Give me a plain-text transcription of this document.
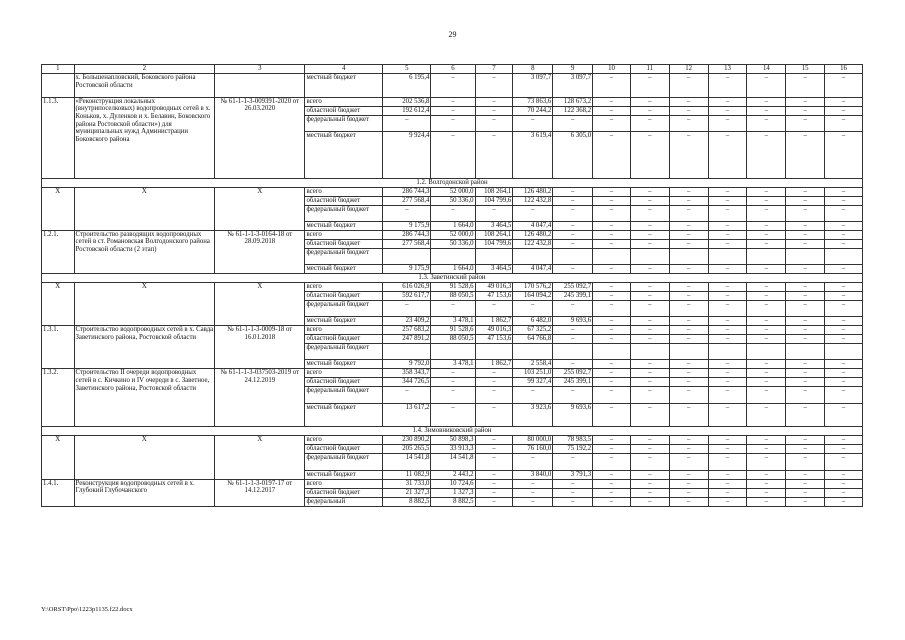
29
1	2	3	4	5	6	7	8	9	10	11	12	13	14	15	16
	х. Большенапловский, Боковского района Ростовской области		местный бюджет	6 195,4	–	–	3 097,7	3 097,7	–	–	–	–	–	–	–
1.1.3.	«Реконструкция локальных (внутрипоселковых) водопроводных сетей в х. Коньков, х. Дуленков и х. Белавин, Боковского района Ростовской области») для муниципальных нужд Администрации Боковского района	№ 61-1-1-3-009391-2020 от 26.03.2020	всего	202 536,8	–	–	73 863,6	128 673,2	–	–	–	–	–	–	–
			областной бюджет	192 612,4	–	–	70 244,2	122 368,2	–	–	–	–	–	–	–
			федеральный бюджет	–	–	–	–	–	–	–	–	–	–	–	–
			местный бюджет	9 924,4	–	–	3 619,4	6 305,0	–	–	–	–	–	–	–
1.2. Волгодонской район															
X	X	X	всего	286 744,3	52 000,0	108 264,1	126 480,2	–	–	–	–	–	–	–	–
			областной бюджет	277 568,4	50 336,0	104 799,6	122 432,8	–	–	–	–	–	–	–	–
			федеральный бюджет	–	–	–	–	–	–	–	–	–	–	–	–
			местный бюджет	9 175,9	1 664,0	3 464,5	4 047,4	–	–	–	–	–	–	–	–
1.2.1.	Строительство разводящих водопроводных сетей в ст. Романовская Волгодонского района Ростовской области (2 этап)	№ 61-1-1-3-0164-18 от 28.09.2018	всего	286 744,3	52 000,0	108 264,1	126 480,2	–	–	–	–	–	–	–	–
			областной бюджет	277 568,4	50 336,0	104 799,6	122 432,8	–	–	–	–	–	–	–	–
			федеральный бюджет												
			местный бюджет	9 175,9	1 664,0	3 464,5	4 047,4	–	–	–	–	–	–	–	–
1.3. Заветинский район															
X	X	X	всего	616 026,9	91 528,6	49 016,3	170 576,2	255 092,7	–	–	–	–	–	–	–
			областной бюджет	592 617,7	88 050,5	47 153,6	164 094,2	245 399,1	–	–	–	–	–	–	–
			федеральный бюджет	–	–	–	–	–	–	–	–	–	–	–	–
			местный бюджет	23 409,2	3 478,1	1 862,7	6 482,0	9 693,6	–	–	–	–	–	–	–
1.3.1.	Строительство водопроводных сетей в х. Савда Заветинского района, Ростовской области	№ 61-1-1-3-0009-18 от 16.01.2018	всего	257 683,2	91 528,6	49 016,3	67 325,2	–	–	–	–	–	–	–	–
			областной бюджет	247 891,2	88 050,5	47 153,6	64 766,8	–	–	–	–	–	–	–	–
			федеральный бюджет												
			местный бюджет	9 792,0	3 478,1	1 862,7	2 558,4	–	–	–	–	–	–	–	–
1.3.2.	Строительство II очереди водопроводных сетей в с. Кичкино и IV очереди в с. Заветное, Заветинского района, Ростовской области	№ 61-1-1-3-037503-2019 от 24.12.2019	всего	358 343,7	–	–	103 251,0	255 092,7	–	–	–	–	–	–	–
			областной бюджет	344 726,5	–	–	99 327,4	245 399,1	–	–	–	–	–	–	–
			федеральный бюджет	–	–	–	–	–	–	–	–	–	–	–	–
			местный бюджет	13 617,2	–	–	3 923,6	9 693,6	–	–	–	–	–	–	–
1.4. Зимовниковский район															
X	X	X	всего	230 890,2	50 898,3	–	80 000,0	78 983,5	–	–	–	–	–	–	–
			областной бюджет	205 265,5	33 913,3	–	76 160,0	75 192,2	–	–	–	–	–	–	–
			федеральный бюджет	14 541,8	14 541,8	–	–	–	–	–	–	–	–	–	–
			местный бюджет	11 082,9	2 443,2	–	3 840,0	3 791,3	–	–	–	–	–	–	–
1.4.1.	Реконструкция водопроводных сетей в х. Глубокий Глубочанского	№ 61-1-1-3-0197-17 от 14.12.2017	всего	31 733,0	10 724,6	–	–	–	–	–	–	–	–	–	–
			областной бюджет	21 327,3	1 327,3	–	–	–	–	–	–	–	–	–	–
			федеральный	8 882,5	8 882,5	–	–	–	–	–	–	–	–	–	–
Y:\ORST\Ppo\1223p1135.f22.docx
